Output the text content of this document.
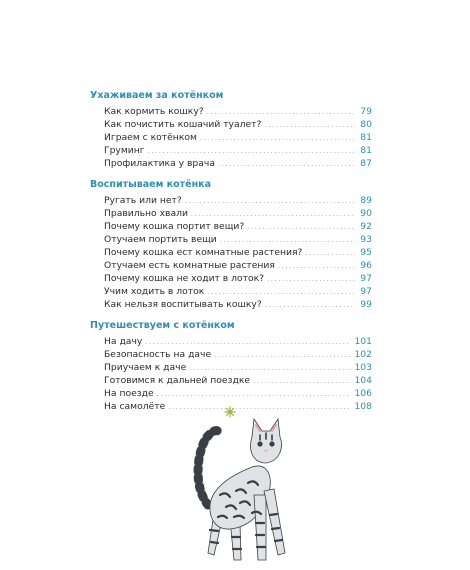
Ухаживаем за котёнком
Как кормить кошку? .....	79
Как почистить кошачий туалет? .....	80
Играем с котёнком .....	81
Груминг .....	81
Профилактика у врача .....	87
Воспитываем котёнка
Ругать или нет? .....	89
Правильно хвали .....	90
Почему кошка портит вещи? .....	92
Отучаем портить вещи .....	93
Почему кошка ест комнатные растения? .....	95
Отучаем есть комнатные растения .....	96
Почему кошка не ходит в лоток? .....	97
Учим ходить в лоток .....	97
Как нельзя воспитывать кошку? .....	99
Путешествуем с котёнком
На дачу .....	101
Безопасность на даче .....	102
Приучаем к даче .....	103
Готовимся к дальней поездке .....	104
На поезде .....	106
На самолёте .....	108
